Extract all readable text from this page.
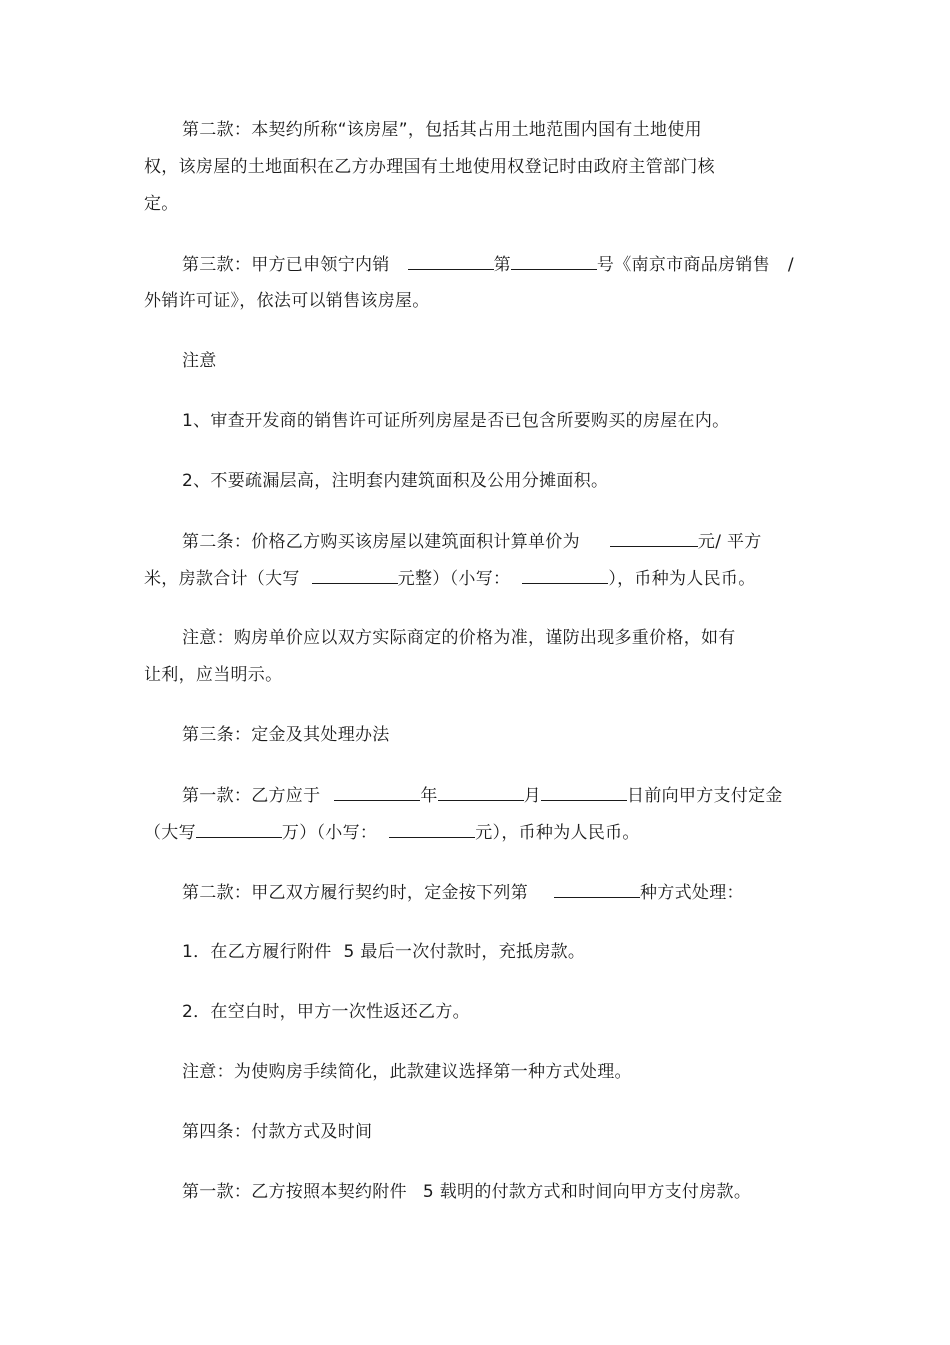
第二款：本契约所称“该房屋”，包括其占用土地范围内国有土地使用
权，该房屋的土地面积在乙方办理国有土地使用权登记时由政府主管部门核
定。
第三款：甲方已申领宁内销	第	号《南京市商品房销售 /
外销许可证》，依法可以销售该房屋。
注意
1、审查开发商的销售许可证所列房屋是否已包含所要购买的房屋在内。
2、不要疏漏层高，注明套内建筑面积及公用分摊面积。
第二条：价格乙方购买该房屋以建筑面积计算单价为	元/ 平方
米，房款合计（大写	元整）（小写：	），币种为人民币。
注意：购房单价应以双方实际商定的价格为准，谨防出现多重价格，如有
让利，应当明示。
第三条：定金及其处理办法
第一款：乙方应于	年	月	日前向甲方支付定金
（大写	万）（小写：	元），币种为人民币。
第二款：甲乙双方履行契约时，定金按下列第	种方式处理：
1．在乙方履行附件 5 最后一次付款时，充抵房款。
2．在空白时，甲方一次性返还乙方。
注意：为使购房手续简化，此款建议选择第一种方式处理。
第四条：付款方式及时间
第一款：乙方按照本契约附件 5 载明的付款方式和时间向甲方支付房款。
